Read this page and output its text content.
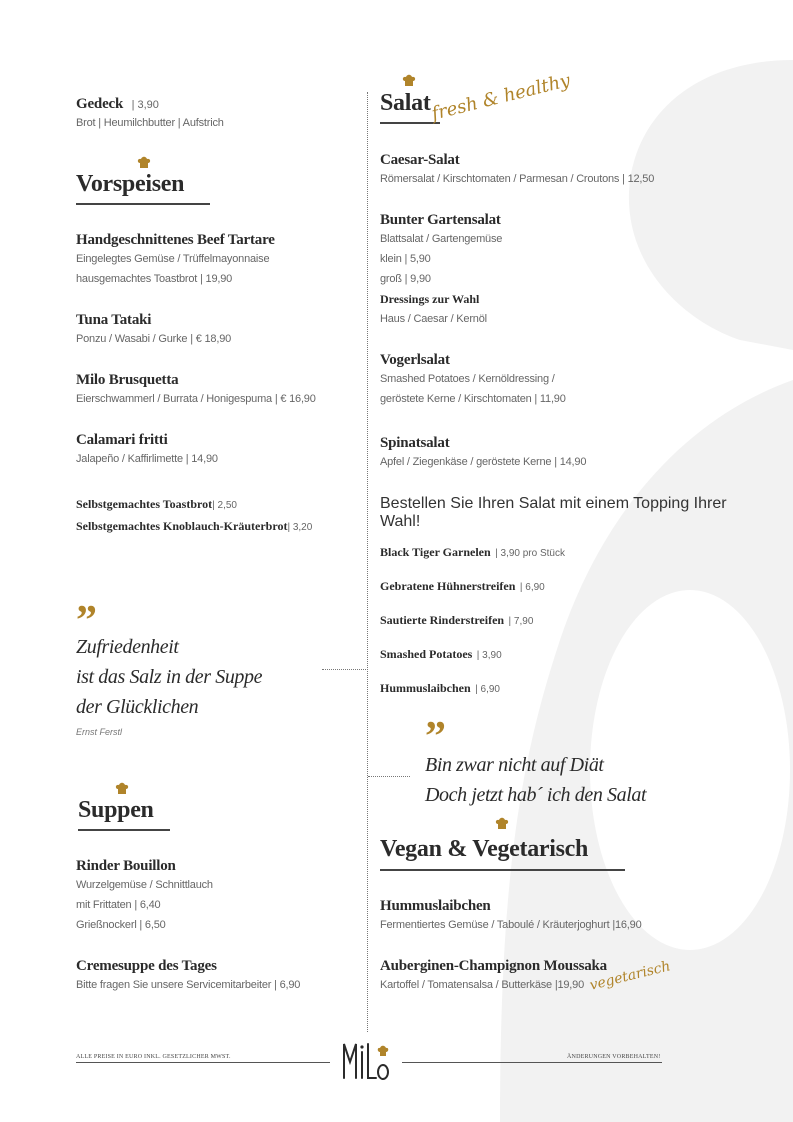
Gedeck | 3,90
Brot | Heumilchbutter | Aufstrich
Vorspeisen
Handgeschnittenes Beef Tartare
Eingelegtes Gemüse / Trüffelmayonnaise
hausgemachtes Toastbrot | 19,90
Tuna Tataki
Ponzu / Wasabi / Gurke | € 18,90
Milo Brusquetta
Eierschwammerl / Burrata / Honigespuma | € 16,90
Calamari fritti
Jalapeño / Kaffirlimette | 14,90
Selbstgemachtes Toastbrot| 2,50
Selbstgemachtes Knoblauch-Kräuterbrot| 3,20
”
Zufriedenheit
ist das Salz in der Suppe
der Glücklichen
Ernst Ferstl
Suppen
Rinder Bouillon
Wurzelgemüse / Schnittlauch
mit Frittaten | 6,40
Grießnockerl | 6,50
Cremesuppe des Tages
Bitte fragen Sie unsere Servicemitarbeiter | 6,90
Salat
fresh & healthy
Caesar-Salat
Römersalat / Kirschtomaten / Parmesan / Croutons | 12,50
Bunter Gartensalat
Blattsalat / Gartengemüse
klein | 5,90
groß | 9,90
Dressings zur Wahl
Haus / Caesar / Kernöl
Vogerlsalat
Smashed Potatoes / Kernöldressing /
geröstete Kerne / Kirschtomaten | 11,90
Spinatsalat
Apfel / Ziegenkäse / geröstete Kerne | 14,90
Bestellen Sie Ihren Salat mit einem Topping Ihrer Wahl!
Black Tiger Garnelen | 3,90 pro Stück
Gebratene Hühnerstreifen | 6,90
Sautierte Rinderstreifen | 7,90
Smashed Potatoes | 3,90
Hummuslaibchen | 6,90
”
Bin zwar nicht auf Diät
Doch jetzt hab´ ich den Salat
Vegan & Vegetarisch
Hummuslaibchen
Fermentiertes Gemüse / Taboulé / Kräuterjoghurt |16,90
Auberginen-Champignon Moussaka
Kartoffel / Tomatensalsa / Butterkäse |19,90 vegetarisch
ALLE PREISE IN EURO INKL. GESETZLICHER MWST.	ÄNDERUNGEN VORBEHALTEN!
